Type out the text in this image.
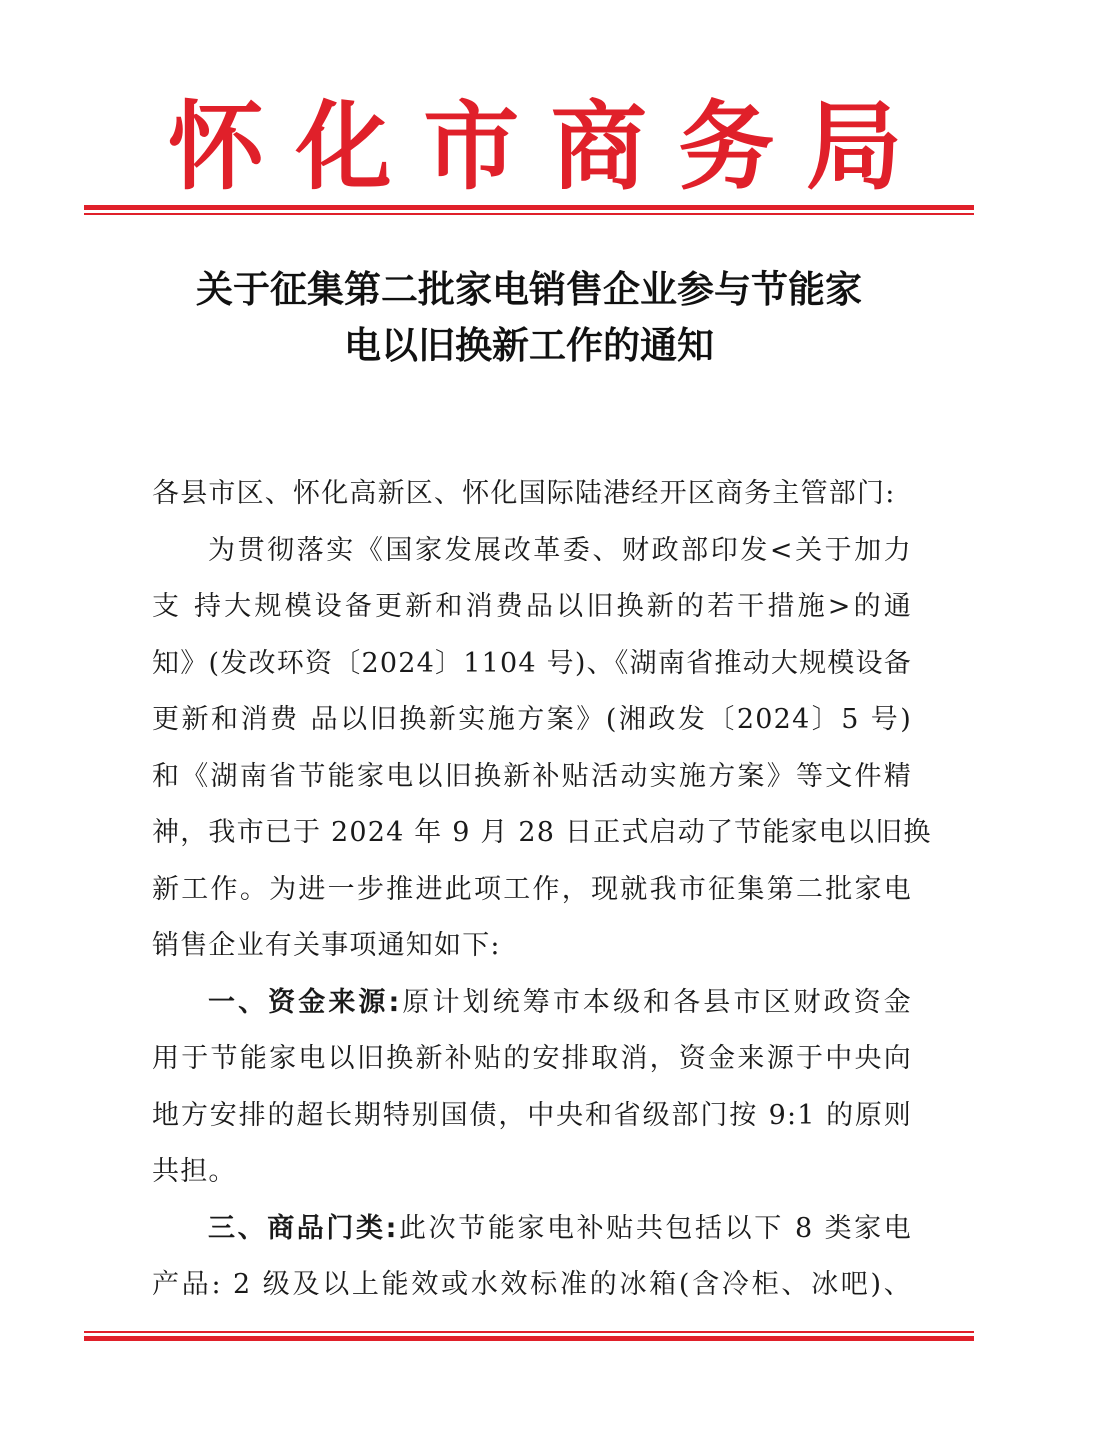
怀 化 市 商 务 局
关于征集第二批家电销售企业参与节能家
电以旧换新工作的通知
各县市区、怀化高新区、怀化国际陆港经开区商务主管部门:
为贯彻落实《国家发展改革委、财政部印发<关于加力
支 持大规模设备更新和消费品以旧换新的若干措施>的通
知》(发改环资〔2024〕1104 号)、《湖南省推动大规模设备
更新和消费 品以旧换新实施方案》(湘政发〔2024〕5 号)
和《湖南省节能家电以旧换新补贴活动实施方案》等文件精
神，我市已于 2024 年 9 月 28 日正式启动了节能家电以旧换
新工作。为进一步推进此项工作，现就我市征集第二批家电
销售企业有关事项通知如下:
一、资金来源:原计划统筹市本级和各县市区财政资金
用于节能家电以旧换新补贴的安排取消，资金来源于中央向
地方安排的超长期特别国债，中央和省级部门按 9:1 的原则
共担。
三、商品门类:此次节能家电补贴共包括以下 8 类家电
产品: 2 级及以上能效或水效标准的冰箱(含冷柜、冰吧)、
